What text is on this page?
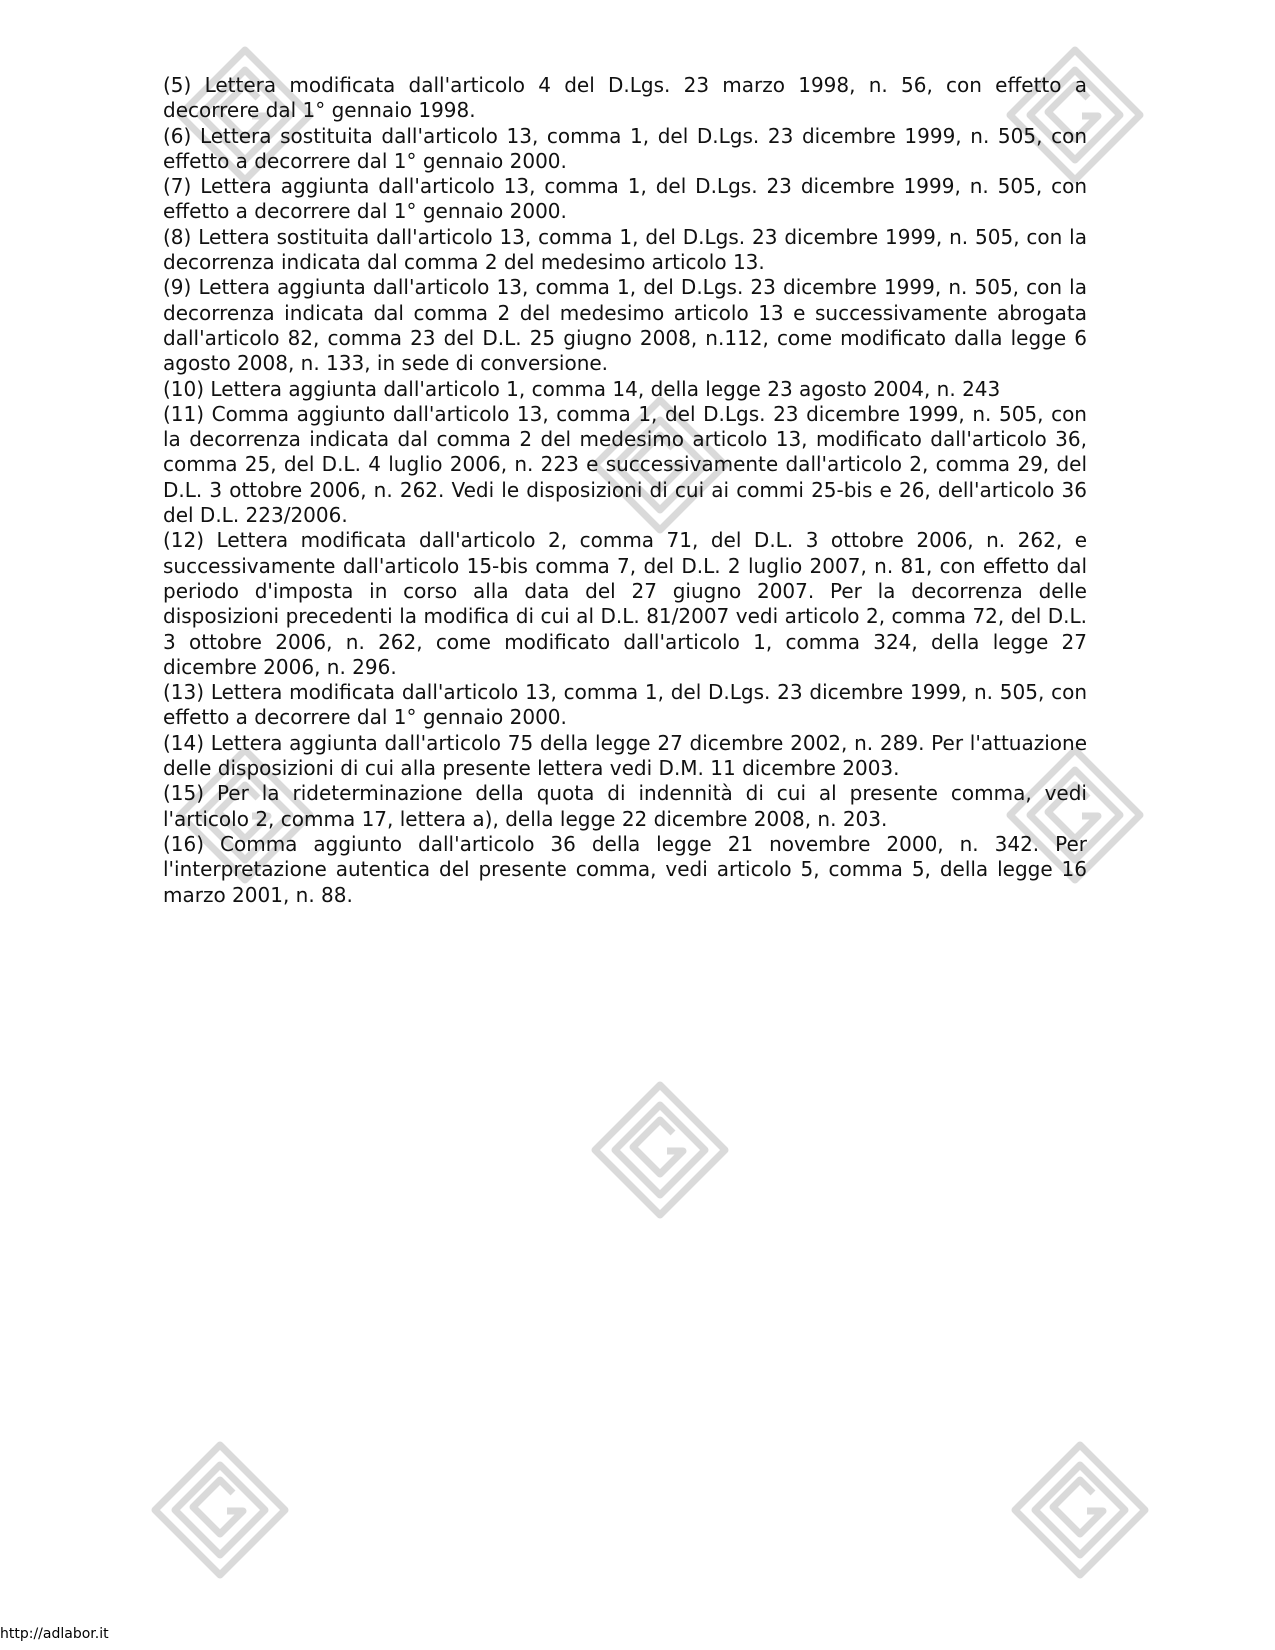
(5) Lettera modificata dall'articolo 4 del D.Lgs. 23 marzo 1998, n. 56, con effetto a decorrere dal 1° gennaio 1998.

(6) Lettera sostituita dall'articolo 13, comma 1, del D.Lgs. 23 dicembre 1999, n. 505, con effetto a decorrere dal 1° gennaio 2000.

(7) Lettera aggiunta dall'articolo 13, comma 1, del D.Lgs. 23 dicembre 1999, n. 505, con effetto a decorrere dal 1° gennaio 2000.

(8) Lettera sostituita dall'articolo 13, comma 1, del D.Lgs. 23 dicembre 1999, n. 505, con la decorrenza indicata dal comma 2 del medesimo articolo 13.

(9) Lettera aggiunta dall'articolo 13, comma 1, del D.Lgs. 23 dicembre 1999, n. 505, con la decorrenza indicata dal comma 2 del medesimo articolo 13 e successivamente abrogata dall'articolo 82, comma 23 del D.L. 25 giugno 2008, n.112, come modificato dalla legge 6 agosto 2008, n. 133, in sede di conversione.

(10) Lettera aggiunta dall'articolo 1, comma 14, della legge 23 agosto 2004, n. 243

(11) Comma aggiunto dall'articolo 13, comma 1, del D.Lgs. 23 dicembre 1999, n. 505, con la decorrenza indicata dal comma 2 del medesimo articolo 13, modificato dall'articolo 36, comma 25, del D.L. 4 luglio 2006, n. 223 e successivamente dall'articolo 2, comma 29, del D.L. 3 ottobre 2006, n. 262. Vedi le disposizioni di cui ai commi 25-bis e 26, dell'articolo 36 del D.L. 223/2006.

(12) Lettera modificata dall'articolo 2, comma 71, del D.L. 3 ottobre 2006, n. 262, e successivamente dall'articolo 15-bis comma 7, del D.L. 2 luglio 2007, n. 81, con effetto dal periodo d'imposta in corso alla data del 27 giugno 2007. Per la decorrenza delle disposizioni precedenti la modifica di cui al D.L. 81/2007 vedi articolo 2, comma 72, del D.L. 3 ottobre 2006, n. 262, come modificato dall'articolo 1, comma 324, della legge 27 dicembre 2006, n. 296.

(13) Lettera modificata dall'articolo 13, comma 1, del D.Lgs. 23 dicembre 1999, n. 505, con effetto a decorrere dal 1° gennaio 2000.

(14) Lettera aggiunta dall'articolo 75 della legge 27 dicembre 2002, n. 289. Per l'attuazione delle disposizioni di cui alla presente lettera vedi D.M. 11 dicembre 2003.

(15) Per la rideterminazione della quota di indennità di cui al presente comma, vedi l'articolo 2, comma 17, lettera a), della legge 22 dicembre 2008, n. 203.

(16) Comma aggiunto dall'articolo 36 della legge 21 novembre 2000, n. 342. Per l'interpretazione autentica del presente comma, vedi articolo 5, comma 5, della legge 16 marzo 2001, n. 88.

http://adlabor.it
